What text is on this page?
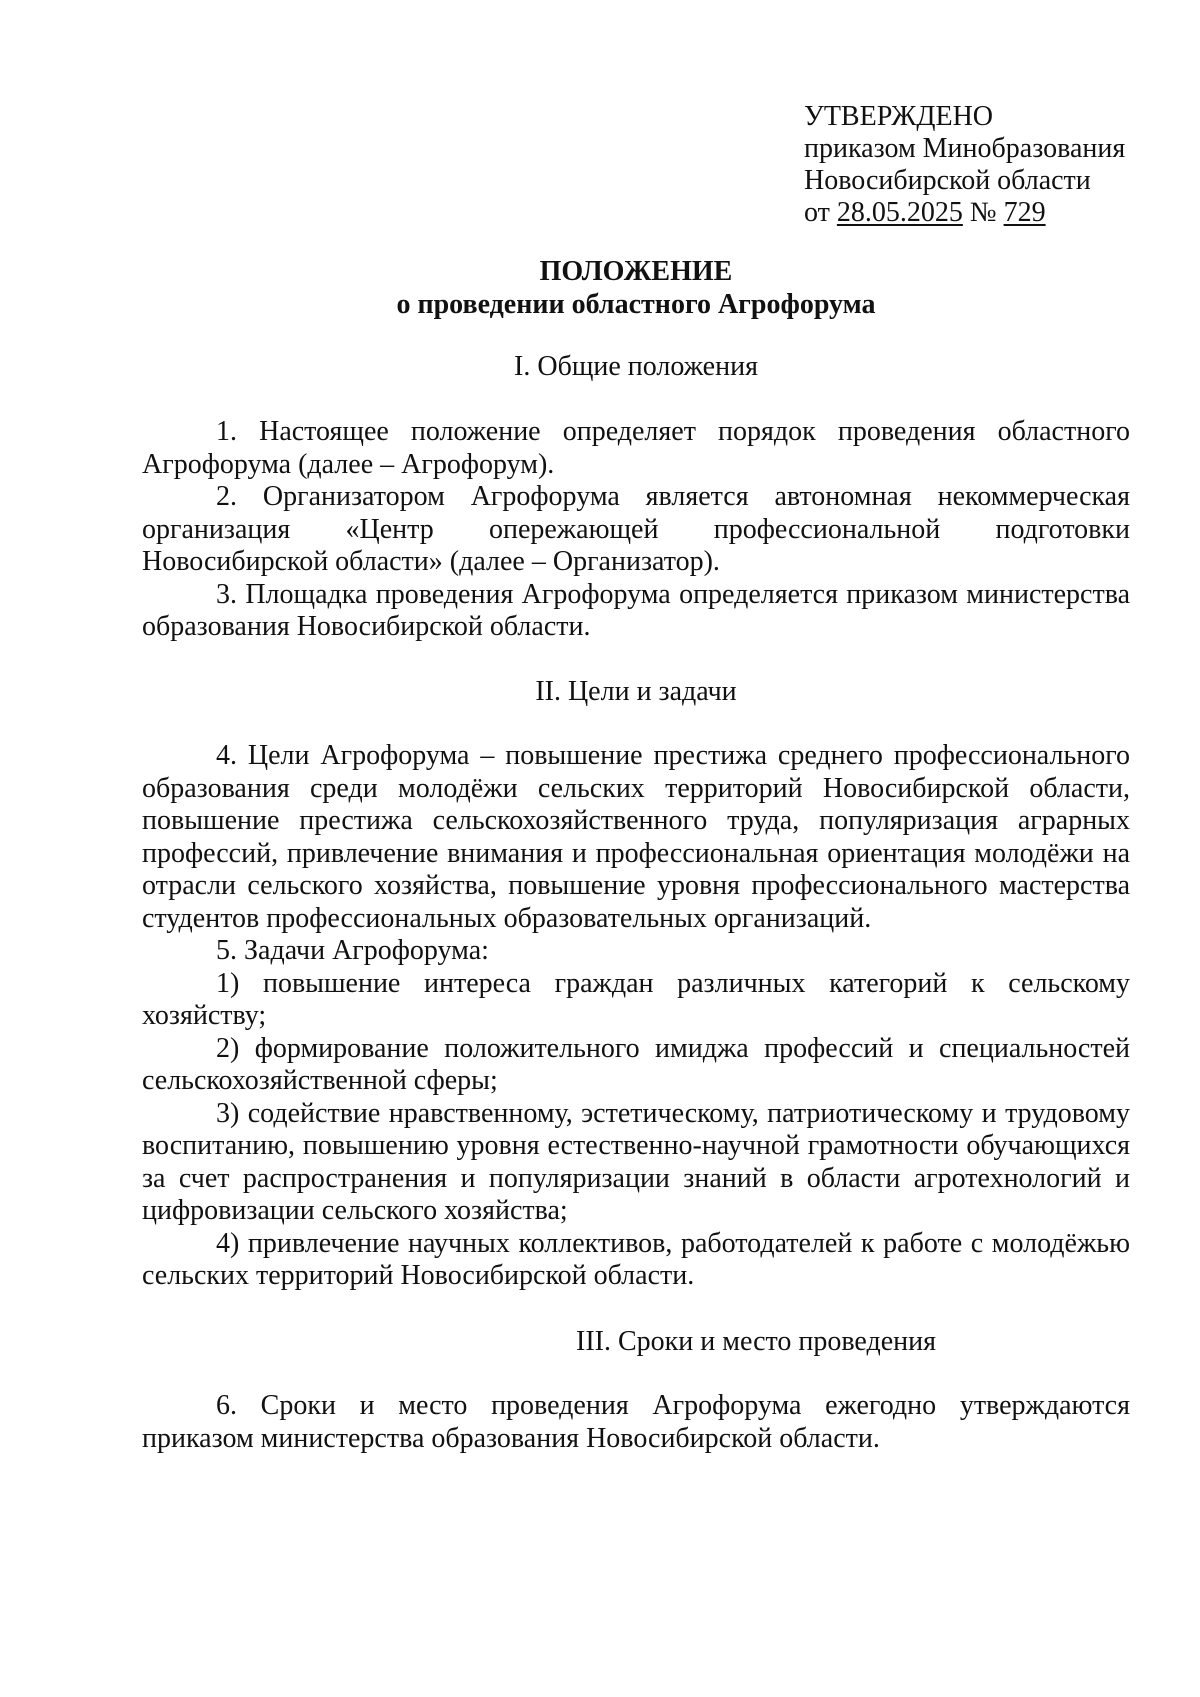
УТВЕРЖДЕНО
приказом Минобразования
Новосибирской области
от 28.05.2025 № 729
ПОЛОЖЕНИЕ
о проведении областного Агрофорума
I. Общие положения

1. Настоящее положение определяет порядок проведения областного Агрофорума (далее – Агрофорум).

2. Организатором Агрофорума является автономная некоммерческая организация «Центр опережающей профессиональной подготовки Новосибирской области» (далее – Организатор).

3. Площадка проведения Агрофорума определяется приказом министерства образования Новосибирской области.

II. Цели и задачи

4. Цели Агрофорума – повышение престижа среднего профессионального образования среди молодёжи сельских территорий Новосибирской области, повышение престижа сельскохозяйственного труда, популяризация аграрных профессий, привлечение внимания и профессиональная ориентация молодёжи на отрасли сельского хозяйства, повышение уровня профессионального мастерства студентов профессиональных образовательных организаций.

5. Задачи Агрофорума:

1) повышение интереса граждан различных категорий к сельскому хозяйству;

2) формирование положительного имиджа профессий и специальностей сельскохозяйственной сферы;

3) содействие нравственному, эстетическому, патриотическому и трудовому воспитанию, повышению уровня естественно-научной грамотности обучающихся за счет распространения и популяризации знаний в области агротехнологий и цифровизации сельского хозяйства;

4) привлечение научных коллективов, работодателей к работе с молодёжью сельских территорий Новосибирской области.

III. Сроки и место проведения

6. Сроки и место проведения Агрофорума ежегодно утверждаются приказом министерства образования Новосибирской области.
